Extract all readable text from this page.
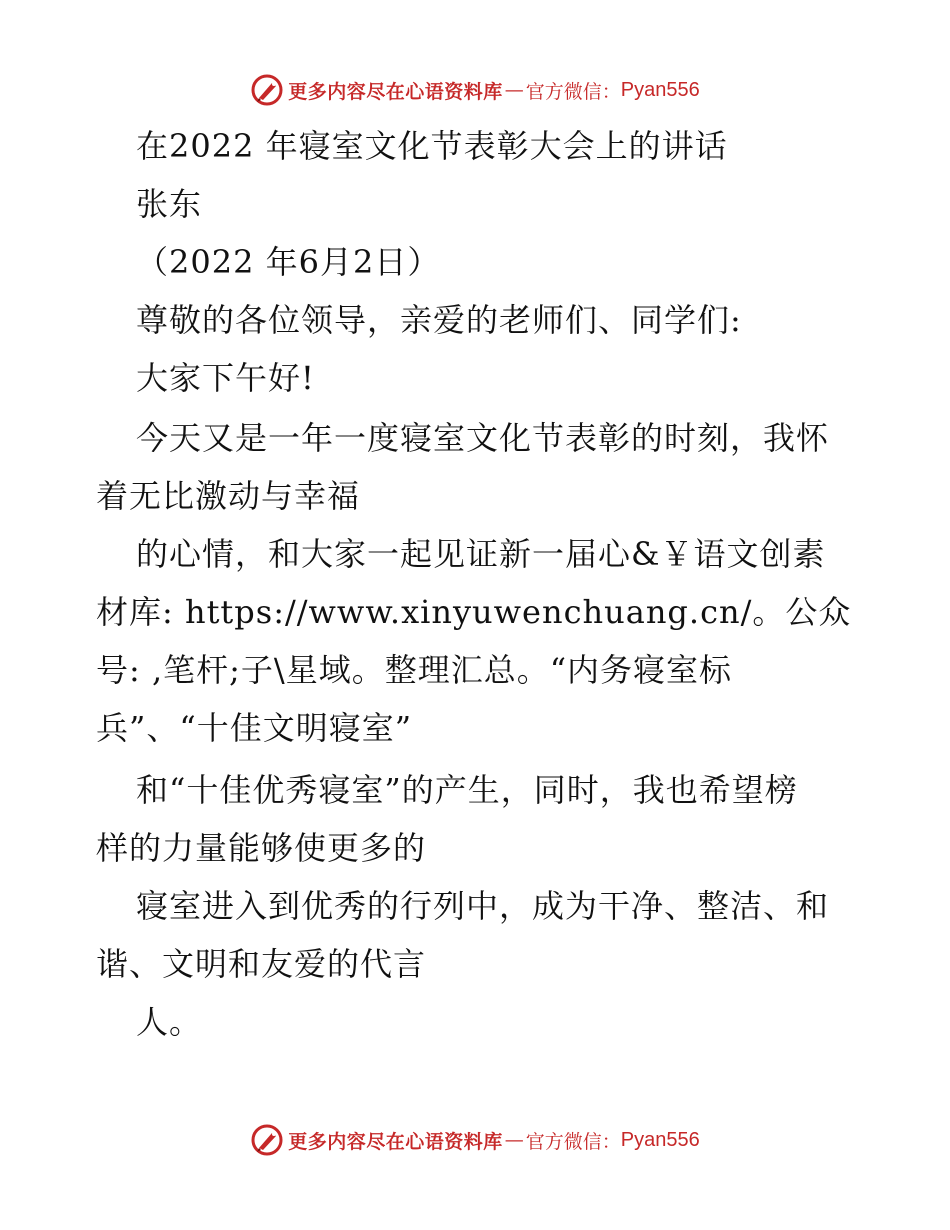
更多内容尽在心语资料库 — 官方微信： Pyan556
在2022 年寝室文化节表彰大会上的讲话
张东
（2022 年6月2日）
尊敬的各位领导，亲爱的老师们、同学们:
大家下午好!
今天又是一年一度寝室文化节表彰的时刻，我怀
着无比激动与幸福
的心情，和大家一起见证新一届心&￥语文创素
材库: https://www.xinyuwenchuang.cn/。公众
号: ,笔杆;子\星域。整理汇总。“内务寝室标
兵”、“十佳文明寝室”
和“十佳优秀寝室”的产生，同时，我也希望榜
样的力量能够使更多的
寝室进入到优秀的行列中，成为干净、整洁、和
谐、文明和友爱的代言
人。
更多内容尽在心语资料库 — 官方微信： Pyan556
